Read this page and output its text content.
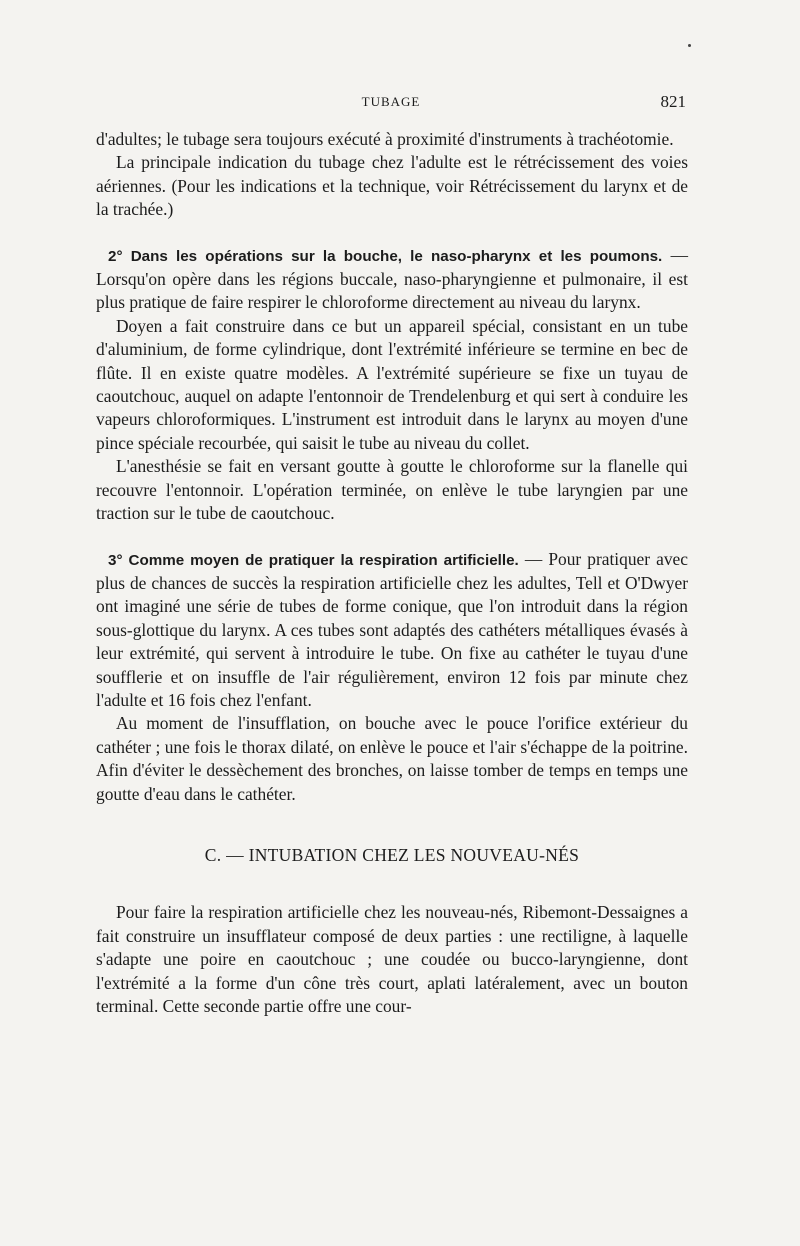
TUBAGE	821

d'adultes; le tubage sera toujours exécuté à proximité d'instruments à trachéotomie.

La principale indication du tubage chez l'adulte est le rétrécissement des voies aériennes. (Pour les indications et la technique, voir Rétrécissement du larynx et de la trachée.)

2° Dans les opérations sur la bouche, le naso-pharynx et les poumons. — Lorsqu'on opère dans les régions buccale, naso-pharyngienne et pulmonaire, il est plus pratique de faire respirer le chloroforme directement au niveau du larynx.

Doyen a fait construire dans ce but un appareil spécial, consistant en un tube d'aluminium, de forme cylindrique, dont l'extrémité inférieure se termine en bec de flûte. Il en existe quatre modèles. A l'extrémité supérieure se fixe un tuyau de caoutchouc, auquel on adapte l'entonnoir de Trendelenburg et qui sert à conduire les vapeurs chloroformiques. L'instrument est introduit dans le larynx au moyen d'une pince spéciale recourbée, qui saisit le tube au niveau du collet.

L'anesthésie se fait en versant goutte à goutte le chloroforme sur la flanelle qui recouvre l'entonnoir. L'opération terminée, on enlève le tube laryngien par une traction sur le tube de caoutchouc.

3° Comme moyen de pratiquer la respiration artificielle. — Pour pratiquer avec plus de chances de succès la respiration artificielle chez les adultes, Tell et O'Dwyer ont imaginé une série de tubes de forme conique, que l'on introduit dans la région sous-glottique du larynx. A ces tubes sont adaptés des cathéters métalliques évasés à leur extrémité, qui servent à introduire le tube. On fixe au cathéter le tuyau d'une soufflerie et on insuffle de l'air régulièrement, environ 12 fois par minute chez l'adulte et 16 fois chez l'enfant.

Au moment de l'insufflation, on bouche avec le pouce l'orifice extérieur du cathéter ; une fois le thorax dilaté, on enlève le pouce et l'air s'échappe de la poitrine. Afin d'éviter le dessèchement des bronches, on laisse tomber de temps en temps une goutte d'eau dans le cathéter.

C. — INTUBATION CHEZ LES NOUVEAU-NÉS

Pour faire la respiration artificielle chez les nouveau-nés, Ribemont-Dessaignes a fait construire un insufflateur composé de deux parties : une rectiligne, à laquelle s'adapte une poire en caoutchouc ; une coudée ou bucco-laryngienne, dont l'extrémité a la forme d'un cône très court, aplati latéralement, avec un bouton terminal. Cette seconde partie offre une cour-
